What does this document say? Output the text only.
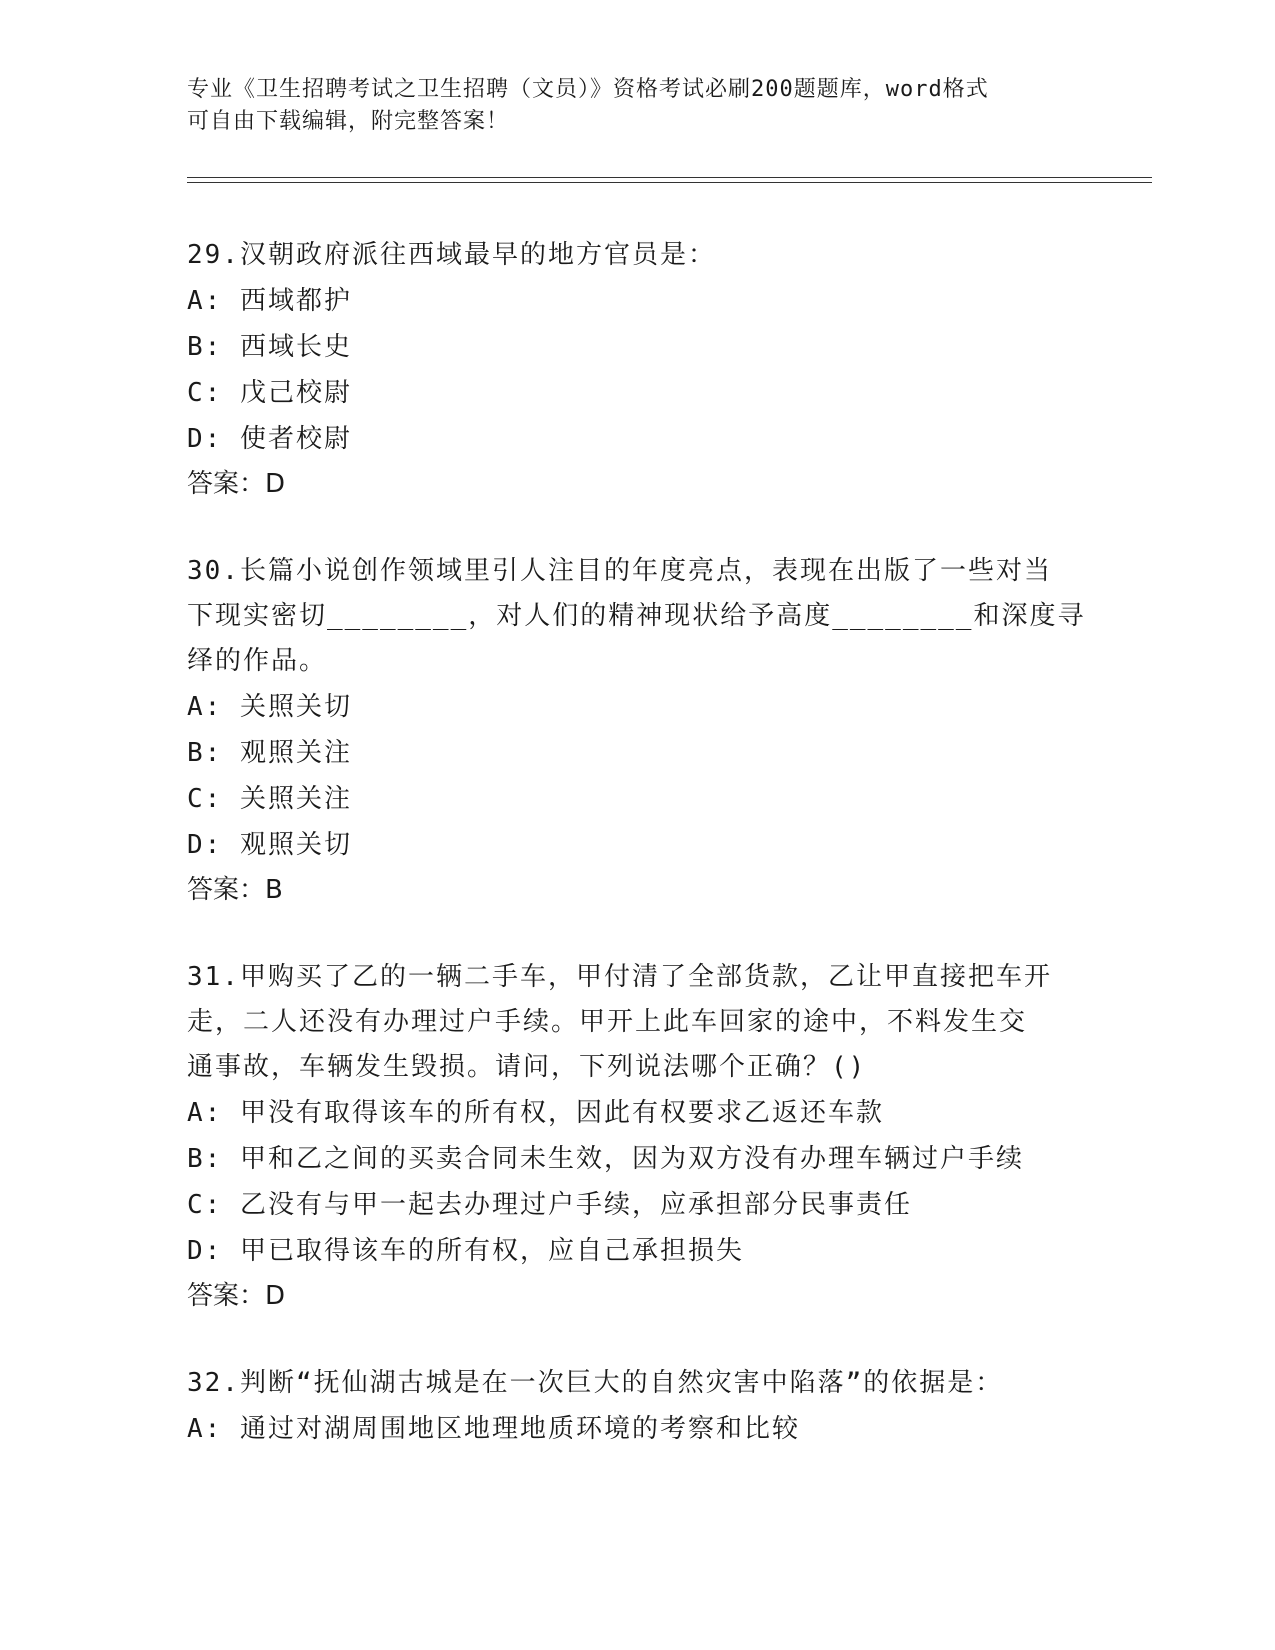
专业《卫生招聘考试之卫生招聘（文员）》资格考试必刷200题题库，word格式

可自由下载编辑，附完整答案！

29.汉朝政府派往西域最早的地方官员是：

A: 西域都护

B: 西域长史

C: 戊己校尉

D: 使者校尉

答案：D

30.长篇小说创作领域里引人注目的年度亮点，表现在出版了一些对当

下现实密切________，对人们的精神现状给予高度________和深度寻

绎的作品。

A: 关照关切

B: 观照关注

C: 关照关注

D: 观照关切

答案：B

31.甲购买了乙的一辆二手车，甲付清了全部货款，乙让甲直接把车开

走，二人还没有办理过户手续。甲开上此车回家的途中，不料发生交

通事故，车辆发生毁损。请问，下列说法哪个正确？()

A: 甲没有取得该车的所有权，因此有权要求乙返还车款

B: 甲和乙之间的买卖合同未生效，因为双方没有办理车辆过户手续

C: 乙没有与甲一起去办理过户手续，应承担部分民事责任

D: 甲已取得该车的所有权，应自己承担损失

答案：D

32.判断“抚仙湖古城是在一次巨大的自然灾害中陷落”的依据是：

A: 通过对湖周围地区地理地质环境的考察和比较
